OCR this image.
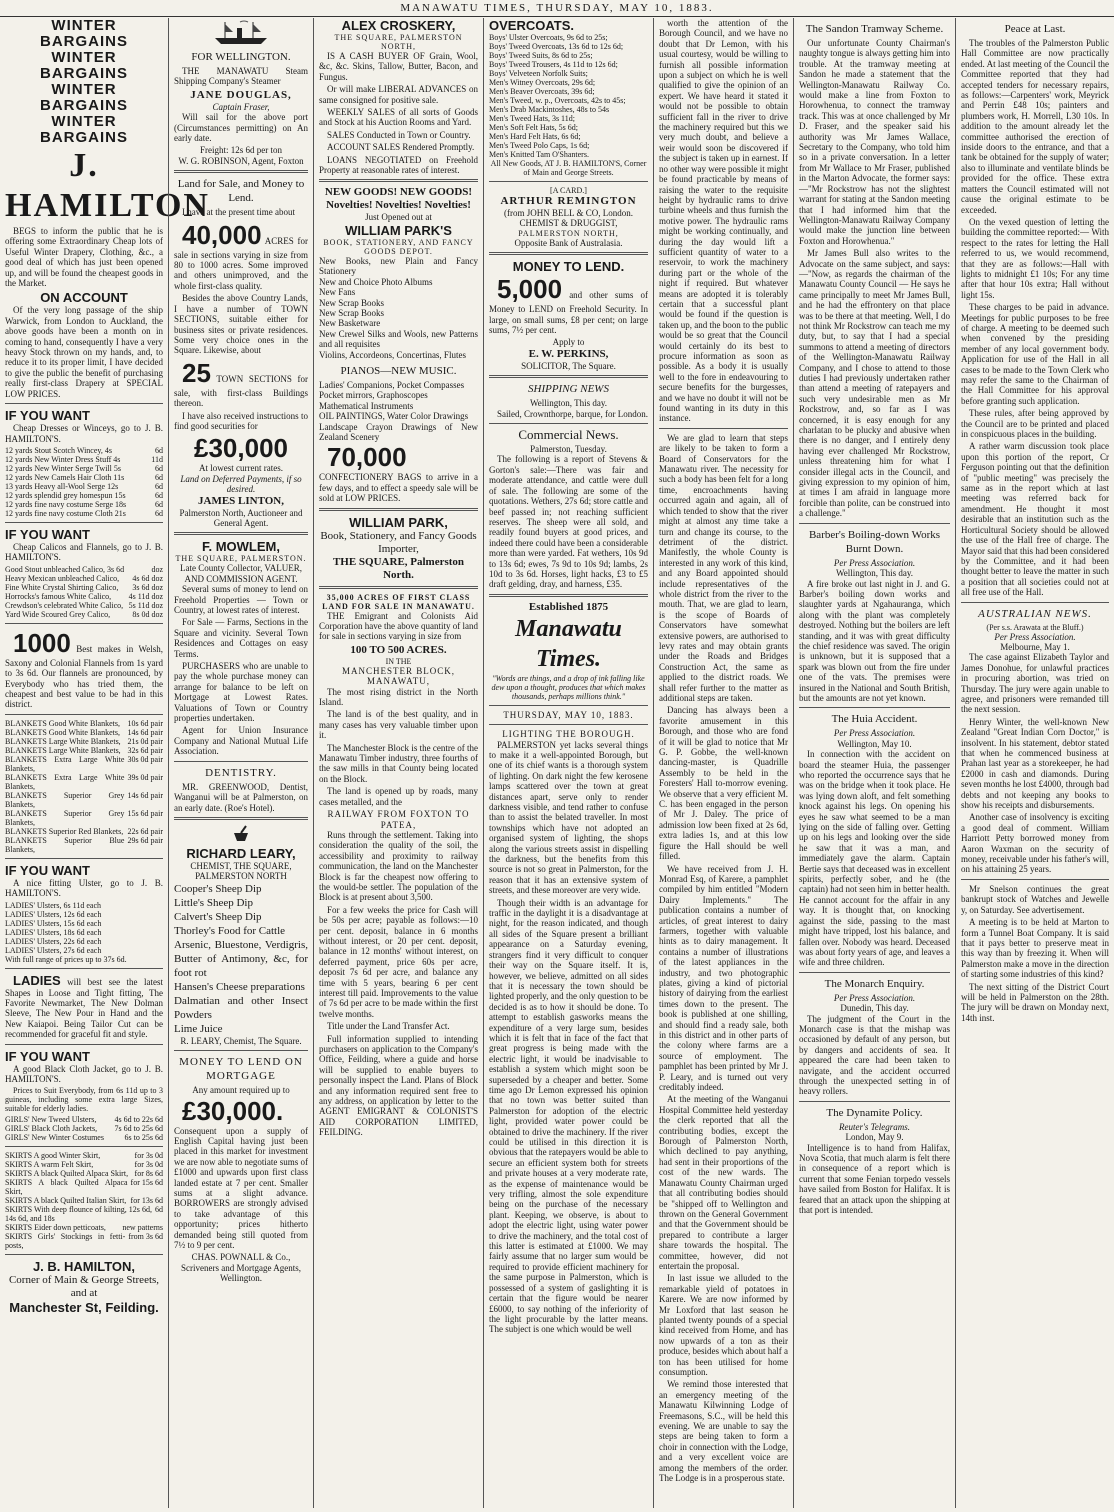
MANAWATU TIMES, THURSDAY, MAY 10, 1883.
WINTER BARGAINS
WINTER BARGAINS
WINTER BARGAINS
WINTER BARGAINS
J. HAMILTON

BEGS to inform the public that he is offering some Extraordinary Cheap lots of Useful Winter Drapery, Clothing, &c., a good deal of which has just been opened up, and will be found the cheapest goods in the Market.

ON ACCOUNT

Of the very long passage of the ship Warwick, from London to Auckland, the above goods have been a month on in coming to hand, consequently I have a very heavy Stock thrown on my hands, and, to reduce it to its proper limit, I have decided to give the public the benefit of purchasing really first-class Drapery at SPECIAL LOW PRICES.

IF YOU WANT

Cheap Dresses or Winceys, go to J. B. HAMILTON'S.

12 yards Stout Scotch Wincey, 4s	6d
12 yards New Winter Dress Stuff 4s	11d
12 yards New Winter Serge Twill 5s	6d
12 yards New Camels Hair Cloth 11s	6d
13 yards Heavy all-Wool Serge 12s	6d
12 yards splendid grey homespun 15s	6d
12 yards fine navy costume Serge 18s	6d
12 yards fine navy costume Cloth 21s	6d
IF YOU WANT

Cheap Calicos and Flannels, go to J. B. HAMILTON'S.

Good Stout unbleached Calico, 3s 6d	doz
Heavy Mexican unbleached Calico, 4s 6d doz
Fine White Crystal Shirting Calico, 3s 6d doz
Horrocks's famous White Calico, 4s 11d doz
Crewdson's celebrated White Calico, 5s 11d doz
Yard Wide Scoured Grey Calico,	8s 0d doz

1000 Best makes in Welsh, Saxony and Colonial Flannels from 1s yard to 3s 6d. Our flannels are pronounced, by Everybody who has tried them, the cheapest and best value to be had in this district.

BLANKETS Good White Blankets, 10s 6d pair
BLANKETS Good White Blankets, 14s 6d pair
BLANKETS Large White Blankets, 21s 0d pair
BLANKETS Large White Blankets, 32s 6d pair
BLANKETS Extra Large White Blankets,
30s 0d pair
BLANKETS Extra Large White Blankets,
39s 0d pair
BLANKETS Superior Grey Blankets,
14s 6d pair
BLANKETS Superior Grey Blankets,
15s 6d pair
BLANKETS Superior Red Blankets, 22s 6d pair
BLANKETS Superior Blue Blankets,
29s 6d pair
IF YOU WANT

A nice fitting Ulster, go to J. B. HAMILTON'S.

LADIES' Ulsters, 6s 11d each
LADIES' Ulsters, 12s 6d each
LADIES' Ulsters, 15s 6d each
LADIES' Ulsters, 18s 6d each
LADIES' Ulsters, 22s 6d each
LADIES' Ulsters, 27s 6d each
With full range of prices up to 37s 6d.

LADIES will best see the latest Shapes in Loose and Tight fitting, The Favorite Newmarket, The New Dolman Sleeve, The New Pour in Hand and the New Kaiapoi. Being Tailor Cut can be recommended for graceful fit and style.

IF YOU WANT

A good Black Cloth Jacket, go to J. B. HAMILTON'S.

Prices to Suit Everybody, from 6s 11d up to 3 guineas, including some extra large Sizes, suitable for elderly ladies.

GIRLS' New Tweed Ulsters, 4s 6d to 22s 6d
GIRLS' Black Cloth Jackets, 7s 6d to 25s 6d
GIRLS' New Winter Costumes	6s to 25s 6d
SKIRTS A good Winter Skirt,	for 3s 0d
SKIRTS A warm Felt Skirt,	for 3s 0d
SKIRTS A black Quilted Alpaca Skirt, for 8s 6d
SKIRTS A black Quilted Alpaca Skirt,
for 15s 6d
SKIRTS A black Quilted Italian Skirt, for 13s 6d
SKIRTS With deep flounce of kilting, 12s 6d, 14s 6d, and 18s
6d
SKIRTS Eider down petticoats, new patterns
SKIRTS Girls' Stockings in fetti-posts,
from 3s 6d
J. B. HAMILTON,
Corner of Main & George Streets, and at
Manchester St, Feilding.
FOR WELLINGTON.

THE MANAWATU Steam Shipping Company's Steamer

JANE DOUGLAS,
Captain Fraser,

Will sail for the above port (Circumstances permitting) on An early date.

Freight: 12s 6d per ton
W. G. ROBINSON, Agent, Foxton
Land for Sale, and Money to Lend.

I have at the present time about

40,000 ACRES for sale in sections varying in size from 80 to 1000 acres. Some improved and others unimproved, and the whole first-class quality.

Besides the above Country Lands, I have a number of TOWN SECTIONS, suitable either for business sites or private residences. Some very choice ones in the Square. Likewise, about

25 TOWN SECTIONS for sale, with first-class Buildings thereon.

I have also received instructions to find good securities for

£30,000
At lowest current rates.
Land on Deferred Payments, if so desired.
JAMES LINTON,
Palmerston North, Auctioneer and General Agent.
F. MOWLEM,
THE SQUARE, PALMERSTON.
Late County Collector, VALUER, AND COMMISSION AGENT.

Several sums of money to lend on Freehold Properties — Town or Country, at lowest rates of interest.

For Sale — Farms, Sections in the Square and vicinity. Several Town Residences and Cottages on easy Terms.

PURCHASERS who are unable to pay the whole purchase money can arrange for balance to be left on Mortgage at Lowest Rates. Valuations of Town or Country properties undertaken.

Agent for Union Insurance Company and National Mutual Life Association.

DENTISTRY.

MR. GREENWOOD, Dentist, Wanganui will be at Palmerston, on an early date. (Roe's Hotel).

RICHARD LEARY,
CHEMIST, THE SQUARE, PALMERSTON NORTH
Cooper's Sheep Dip
Little's Sheep Dip
Calvert's Sheep Dip
Thorley's Food for Cattle
Arsenic, Bluestone, Verdigris, Butter of Antimony, &c, for foot rot
Hansen's Cheese preparations
Dalmatian and other Insect Powders
Lime Juice
R. LEARY, Chemist, The Square.
MONEY TO LEND ON MORTGAGE
Any amount required up to

£30,000. Consequent upon a supply of English Capital having just been placed in this market for investment we are now able to negotiate sums of £1000 and upwards upon first class landed estate at 7 per cent. Smaller sums at a slight advance. BORROWERS are strongly advised to take advantage of this opportunity; prices hitherto demanded being still quoted from 7½ to 9 per cent.

CHAS. POWNALL & Co., Scriveners and Mortgage Agents, Wellington.
ALEX CROSKERY,
THE SQUARE, PALMERSTON NORTH,

IS A CASH BUYER OF Grain, Wool, &c, &c. Skins, Tallow, Butter, Bacon, and Fungus.

Or will make LIBERAL ADVANCES on same consigned for positive sale.

WEEKLY SALES of all sorts of Goods and Stock at his Auction Rooms and Yard.

SALES Conducted in Town or Country.

ACCOUNT SALES Rendered Promptly.

LOANS NEGOTIATED on Freehold Property at reasonable rates of interest.

NEW GOODS! NEW GOODS! Novelties! Novelties! Novelties!
Just Opened out at
WILLIAM PARK'S
BOOK, STATIONERY, AND FANCY GOODS DEPOT.
New Books, new Plain and Fancy Stationery
New and Choice Photo Albums
New Fans
New Scrap Books
New Scrap Books
New Basketware
New Crewel Silks and Wools, new Patterns and all requisites
Violins, Accordeons, Concertinas, Flutes
PIANOS—NEW MUSIC.
Ladies' Companions, Pocket Compasses
Pocket mirrors, Graphoscopes
Mathematical Instruments
OIL PAINTINGS, Water Color Drawings
Landscape Crayon Drawings of New Zealand Scenery

70,000 CONFECTIONERY BAGS to arrive in a few days, and to effect a speedy sale will be sold at LOW PRICES.

WILLIAM PARK,
Book, Stationery, and Fancy Goods Importer,
THE SQUARE, Palmerston North.
35,000 ACRES OF FIRST CLASS LAND FOR SALE IN MANAWATU.

THE Emigrant and Colonists Aid Corporation have the above quantity of land for sale in sections varying in size from

100 TO 500 ACRES.
IN THE
MANCHESTER BLOCK, MANAWATU,

The most rising district in the North Island.

The land is of the best quality, and in many cases has very valuable timber upon it.

The Manchester Block is the centre of the Manawatu Timber industry, three fourths of the saw mills in that County being located on the Block.

The land is opened up by roads, many cases metalled, and the

RAILWAY FROM FOXTON TO PATEA,

Runs through the settlement. Taking into consideration the quality of the soil, the accessibility and proximity to railway communication, the land on the Manchester Block is far the cheapest now offering to the would-be settler. The population of the Block is at present about 3,500.

For a few weeks the price for Cash will be 50s per acre; payable as follows:—10 per cent. deposit, balance in 6 months without interest, or 20 per cent. deposit, balance in 12 months' without interest, on deferred payment, price 60s per acre, deposit 7s 6d per acre, and balance any time with 5 years, bearing 6 per cent interest till paid. Improvements to the value of 7s 6d per acre to be made within the first twelve months.

Title under the Land Transfer Act.

Full information supplied to intending purchasers on application to the Company's Office, Feilding, where a guide and horse will be supplied to enable buyers to personally inspect the Land. Plans of Block and any information required sent free to any address, on application by letter to the AGENT EMIGRANT & COLONIST'S AID CORPORATION LIMITED, FEILDING.

OVERCOATS.
Boys' Ulster Overcoats, 9s 6d to 25s;
Boys' Tweed Overcoats, 13s 6d to 12s 6d;
Boys' Tweed Suits, 8s 6d to 25s;
Boys' Tweed Trousers, 4s 11d to 12s 6d;
Boys' Velveteen Norfolk Suits;
Men's Witney Overcoats, 29s 6d;
Men's Beaver Overcoats, 39s 6d;
Men's Tweed, w. p., Overcoats, 42s to 45s;
Men's Drab Mackintoshes, 48s to 54s
Men's Tweed Hats, 3s 11d;
Men's Soft Felt Hats, 5s 6d;
Men's Hard Felt Hats, 6s 6d;
Men's Tweed Polo Caps, 1s 6d;
Men's Knitted Tam O'Shanters.
All New Goods, AT J. B. HAMILTON'S, Corner of Main and George Streets.
[A CARD.]
ARTHUR REMINGTON
(from JOHN BELL & CO, London.
CHEMIST & DRUGGIST,
PALMERSTON NORTH,
Opposite Bank of Australasia.
MONEY TO LEND.

5,000 and other sums of Money to LEND on Freehold Security. In large, on small sums, £8 per cent; on large sums, 7½ per cent.

Apply to
E. W. PERKINS,
SOLICITOR, The Square.
SHIPPING NEWS
Wellington, This day.

Sailed, Crownthorpe, barque, for London.

Commercial News.
Palmerston, Tuesday.

The following is a report of Stevens & Gorton's sale:—There was fair and moderate attendance, and cattle were dull of sale. The following are some of the quotations. Wethers, 27s 6d; store cattle and beef passed in; not reaching sufficient reserves. The sheep were all sold, and readily found buyers at good prices, and indeed there could have been a considerable more than were yarded. Fat wethers, 10s 9d to 13s 6d; ewes, 7s 9d to 10s 9d; lambs, 2s 10d to 3s 6d. Horses, light hacks, £3 to £5 draft gelding, dray, and harness, £35.

Established 1875
Manawatu Times.
"Words are things, and a drop of ink falling like dew upon a thought, produces that which makes thousands, perhaps millions think."
THURSDAY, MAY 10, 1883.
LIGHTING THE BOROUGH.

PALMERSTON yet lacks several things to make it a well-appointed Borough, but one of its chief wants is a thorough system of lighting. On dark night the few kerosene lamps scattered over the town at great distances apart, serve only to render darkness visible, and tend rather to confuse than to assist the belated traveller. In most townships which have not adopted an organised system of lighting, the shops along the various streets assist in dispelling the darkness, but the benefits from this source is not so great in Palmerston, for the reason that it has an extensive system of streets, and these moreover are very wide.

Though their width is an advantage for traffic in the daylight it is a disadvantage at night, for the reason indicated, and though all sides of the Square present a brilliant appearance on a Saturday evening, strangers find it very difficult to conquer their way on the Square itself. It is, however, we believe, admitted on all sides that it is necessary the town should be lighted properly, and the only question to be decided is as to how it should be done. To attempt to establish gasworks means the expenditure of a very large sum, besides which it is felt that in face of the fact that great progress is being made with the electric light, it would be inadvisable to establish a system which might soon be superseded by a cheaper and better. Some time ago Dr Lemon expressed his opinion that no town was better suited than Palmerston for adoption of the electric light, provided water power could be obtained to drive the machinery. If the river could be utilised in this direction it is obvious that the ratepayers would be able to secure an efficient system both for streets and private houses at a very moderate rate, as the expense of maintenance would be very trifling, almost the sole expenditure being on the purchase of the necessary plant. Keeping, we observe, is about to adopt the electric light, using water power to drive the machinery, and the total cost of this latter is estimated at £1000. We may fairly assume that no larger sum would be required to provide efficient machinery for the same purpose in Palmerston, which is possessed of a system of gaslighting it is certain that the figure would be nearer £6000, to say nothing of the inferiority of the light procurable by the latter means. The subject is one which would be well

worth the attention of the Borough Council, and we have no doubt that Dr Lemon, with his usual courtesy, would be willing to furnish all possible information upon a subject on which he is well qualified to give the opinion of an expert. We have heard it stated it would not be possible to obtain sufficient fall in the river to drive the machinery required but this we very much doubt, and believe a weir would soon be discovered if the subject is taken up in earnest. If no other way were possible it might be found practicable by means of raising the water to the requisite height by hydraulic rams to drive turbine wheels and thus furnish the motive power. The hydraulic rams might be working continually, and during the day would lift a sufficient quantity of water to a reservoir, to work the machinery during part or the whole of the night if required. But whatever means are adopted it is tolerably certain that a successful plant would be found if the question is taken up, and the boon to the public would be so great that the Council would certainly do its best to procure information as soon as possible. As a body it is usually well to the fore in endeavouring to secure benefits for the burgesses, and we have no doubt it will not be found wanting in its duty in this instance.

We are glad to learn that steps are likely to be taken to form a Board of Conservators for the Manawatu river. The necessity for such a body has been felt for a long time, encroachments having occurred again and again, all of which tended to show that the river might at almost any time take a turn and change its course, to the detriment of the district. Manifestly, the whole County is interested in any work of this kind, and any Board appointed should include representatives of the whole district from the river to the mouth. That, we are glad to learn, is the scope of Boards of Conservators have somewhat extensive powers, are authorised to levy rates and may obtain grants under the Roads and Bridges Construction Act, the same as applied to the district roads. We shall refer further to the matter as additional steps are taken.

Dancing has always been a favorite amusement in this Borough, and those who are fond of it will be glad to notice that Mr G. P. Gobbe, the well-known dancing-master, is Quadrille Assembly to be held in the Foresters' Hall to-morrow evening. We observe that a very efficient M. C. has been engaged in the person of Mr J. Daley. The price of admission low been fixed at 2s 6d, extra ladies 1s, and at this low figure the Hall should be well filled.

We have received from J. H. Monrad Esq, of Karere, a pamphlet compiled by him entitled "Modern Dairy Implements." The publication contains a number of articles, of great interest to dairy farmers, together with valuable hints as to dairy management. It contains a number of illustrations of the latest appliances in the industry, and two photographic plates, giving a kind of pictorial history of dairying from the earliest times down to the present. The book is published at one shilling, and should find a ready sale, both in this district and in other parts of the colony where farms are a source of employment. The pamphlet has been printed by Mr J. P. Leary, and is turned out very creditably indeed.

At the meeting of the Wanganui Hospital Committee held yesterday the clerk reported that all the contributing bodies, except the Borough of Palmerston North, which declined to pay anything, had sent in their proportions of the cost of the new wards. The Manawatu County Chairman urged that all contributing bodies should be "shipped off to Wellington and thrown on the General Government and that the Government should be prepared to contribute a larger share towards the hospital. The committee, however, did not entertain the proposal.

In last issue we alluded to the remarkable yield of potatoes in Karere. We are now informed by Mr Loxford that last season he planted twenty pounds of a special kind received from Home, and has now upwards of a ton as their produce, besides which about half a ton has been utilised for home consumption.

We remind those interested that an emergency meeting of the Manawatu Kilwinning Lodge of Freemasons, S.C., will be held this evening. We are unable to say the steps are being taken to form a choir in connection with the Lodge, and a very excellent voice are among the members of the order. The Lodge is in a prosperous state.

The Sandon Tramway Scheme.

Our unfortunate County Chairman's naughty tongue is always getting him into trouble. At the tramway meeting at Sandon he made a statement that the Wellington-Manawatu Railway Co. would make a line from Foxton to Horowhenua, to connect the tramway track. This was at once challenged by Mr D. Fraser, and the speaker said his authority was Mr James Wallace, Secretary to the Company, who told him so in a private conversation. In a letter from Mr Wallace to Mr Fraser, published in the Marton Advocate, the former says:—"Mr Rockstrow has not the slightest warrant for stating at the Sandon meeting that I had informed him that the Wellington-Manawatu Railway Company would make the junction line between Foxton and Horowhenua."

Mr James Bull also writes to the Advocate on the same subject, and says:—"Now, as regards the chairman of the Manawatu County Council — He says he came principally to meet Mr James Bull, and he had the effrontery on that place was to be there at that meeting. Well, I do not think Mr Rockstrow can teach me my duty, but, to say that I had a special summons to attend a meeting of directors of the Wellington-Manawatu Railway Company, and I chose to attend to those duties I had previously undertaken rather than attend a meeting of ratepayers and such very undesirable men as Mr Rockstrow, and, so far as I was concerned, it is easy enough for any charlatan to be plucky and abusive when there is no danger, and I entirely deny having ever challenged Mr Rockstrow, unless threatening him for what I consider illegal acts in the Council, and giving expression to my opinion of him, at times I am afraid in language more forcible than polite, can be construed into a challenge."

Barber's Boiling-down Works Burnt Down.
Per Press Association.
Wellington, This day.

A fire broke out last night in J. and G. Barber's boiling down works and slaughter yards at Ngahauranga, which along with the plant was completely destroyed. Nothing but the boilers are left standing, and it was with great difficulty the chief residence was saved. The origin is unknown, but it is supposed that a spark was blown out from the fire under one of the vats. The premises were insured in the National and South British, but the amounts are not yet known.

The Huia Accident.
Per Press Association.
Wellington, May 10.

In connection with the accident on board the steamer Huia, the passenger who reported the occurrence says that he was on the bridge when it took place. He was lying down aloft, and felt something knock against his legs. On opening his eyes he saw what seemed to be a man lying on the side of falling over. Getting up on his legs and looking over the side he saw that it was a man, and immediately gave the alarm. Captain Bertie says that deceased was in excellent spirits, perfectly sober, and he (the captain) had not seen him in better health. He cannot account for the affair in any way. It is thought that, on knocking against the side, passing to the mast might have tripped, lost his balance, and fallen over. Nobody was heard. Deceased was about forty years of age, and leaves a wife and three children.

The Monarch Enquiry.
Per Press Association.
Dunedin, This day.

The judgment of the Court in the Monarch case is that the mishap was occasioned by default of any person, but by dangers and accidents of sea. It appeared the care had been taken to navigate, and the accident occurred through the unexpected setting in of heavy rollers.

The Dynamite Policy.
Reuter's Telegrams.
London, May 9.

Intelligence is to hand from Halifax, Nova Scotia, that much alarm is felt there in consequence of a report which is current that some Fenian torpedo vessels have sailed from Boston for Halifax. It is feared that an attack upon the shipping at that port is intended.

Peace at Last.

The troubles of the Palmerston Public Hall Committee are now practically ended. At last meeting of the Council the Committee reported that they had accepted tenders for necessary repairs, as follows:—Carpenters' work, Meyrick and Perrin £48 10s; painters and plumbers work, H. Morrell, L30 10s. In addition to the amount already let the committee authorised the erection of inside doors to the entrance, and that a tank be obtained for the supply of water; also to illuminate and ventilate blinds be provided for the office. These extra matters the Council estimated will not cause the original estimate to be exceeded.

On the vexed question of letting the building the committee reported:— With respect to the rates for letting the Hall referred to us, we would recommend, that they are as follows:—Hall with lights to midnight £1 10s; For any time after that hour 10s extra; Hall without light 15s.

These charges to be paid in advance. Meetings for public purposes to be free of charge. A meeting to be deemed such when convened by the presiding member of any local government body. Application for use of the Hall in all cases to be made to the Town Clerk who may refer the same to the Chairman of the Hall Committee for his approval before granting such application.

These rules, after being approved by the Council are to be printed and placed in conspicuous places in the building.

A rather warm discussion took place upon this portion of the report, Cr Ferguson pointing out that the definition of "public meeting" was precisely the same as in the report which at last meeting was referred back for amendment. He thought it most desirable that an institution such as the Horticultural Society should be allowed the use of the Hall free of charge. The Mayor said that this had been considered by the Committee, and it had been thought better to leave the matter in such a position that all societies could not at all free use of the Hall.

AUSTRALIAN NEWS.
(Per s.s. Arawata at the Bluff.)
Per Press Association.
Melbourne, May 1.

The case against Elizabeth Taylor and James Donohue, for unlawful practices in procuring abortion, was tried on Thursday. The jury were again unable to agree, and prisoners were remanded till the next session.

Henry Winter, the well-known New Zealand "Great Indian Corn Doctor," is insolvent. In his statement, debtor stated that when he commenced business at Prahan last year as a storekeeper, he had £2000 in cash and diamonds. During seven months he lost £4000, through bad debts and not keeping any books to show his receipts and disbursements.

Another case of insolvency is exciting a good deal of comment. William Harriott Petty borrowed money from Aaron Waxman on the security of money, receivable under his father's will, on his attaining 25 years.

Mr Snelson continues the great bankrupt stock of Watches and Jewelle y, on Saturday. See advertisement.

A meeting is to be held at Marton to form a Tunnel Boat Company. It is said that it pays better to preserve meat in this way than by freezing it. When will Palmerston make a move in the direction of starting some industries of this kind?

The next sitting of the District Court will be held in Palmerston on the 28th. The jury will be drawn on Monday next, 14th inst.
